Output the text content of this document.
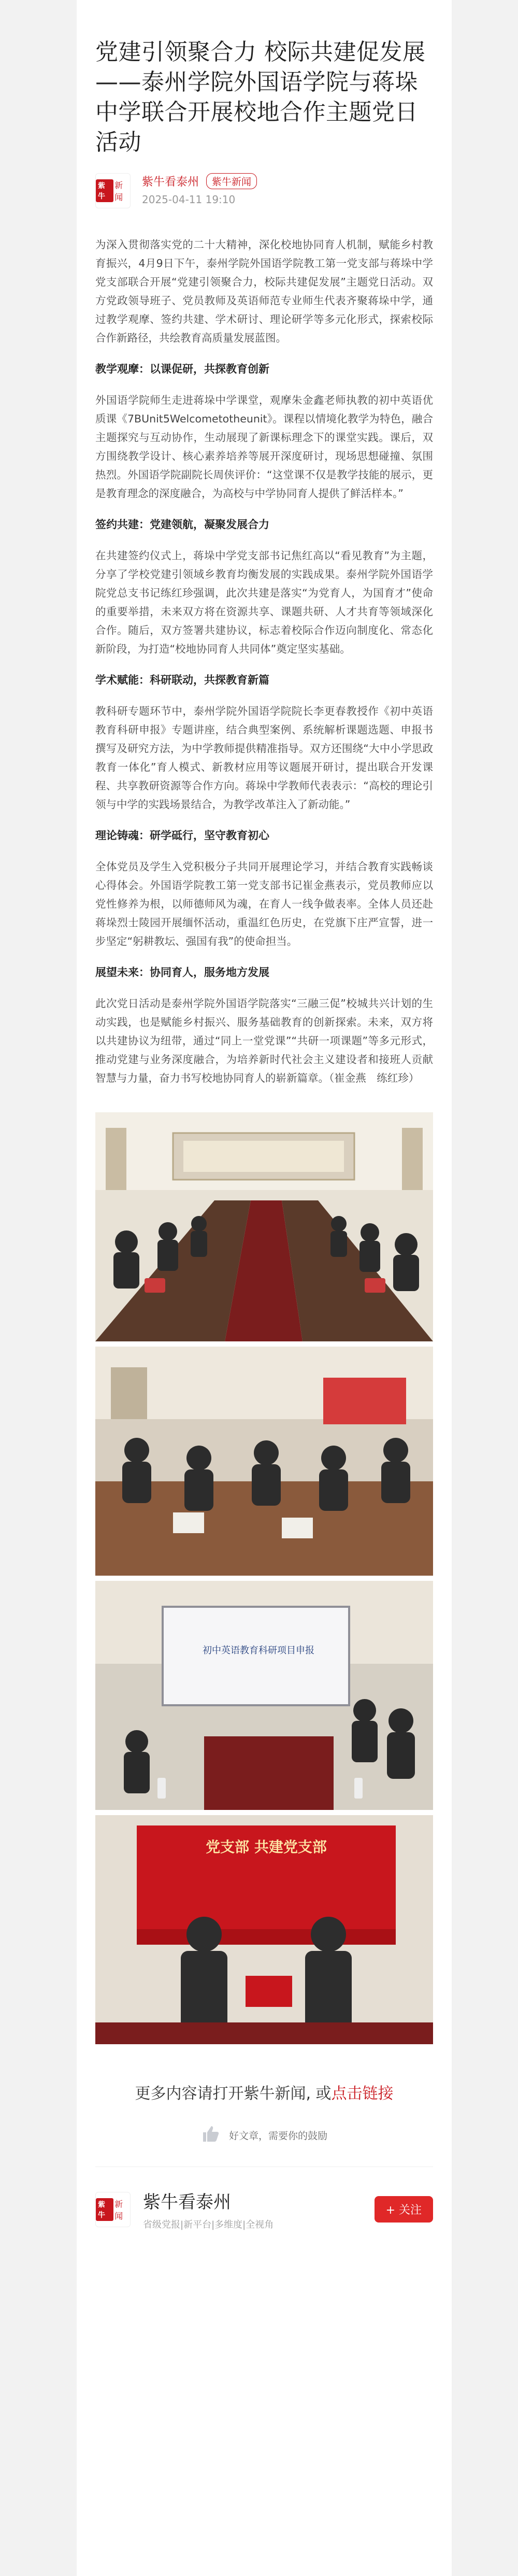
党建引领聚合力 校际共建促发展 ——泰州学院外国语学院与蒋垛中学联合开展校地合作主题党日活动
紫牛
新闻
紫牛看泰州	紫牛新闻
2025-04-11 19:10

为深入贯彻落实党的二十大精神，深化校地协同育人机制，赋能乡村教育振兴，4月9日下午，泰州学院外国语学院教工第一党支部与蒋垛中学党支部联合开展“党建引领聚合力，校际共建促发展”主题党日活动。双方党政领导班子、党员教师及英语师范专业师生代表齐聚蒋垛中学，通过教学观摩、签约共建、学术研讨、理论研学等多元化形式，探索校际合作新路径，共绘教育高质量发展蓝图。

教学观摩：以课促研，共探教育创新

外国语学院师生走进蒋垛中学课堂，观摩朱金鑫老师执教的初中英语优质课《7BUnit5Welcometotheunit》。课程以情境化教学为特色，融合主题探究与互动协作，生动展现了新课标理念下的课堂实践。课后，双方围绕教学设计、核心素养培养等展开深度研讨，现场思想碰撞、氛围热烈。外国语学院副院长周侠评价：“这堂课不仅是教学技能的展示，更是教育理念的深度融合，为高校与中学协同育人提供了鲜活样本。”

签约共建：党建领航，凝聚发展合力

在共建签约仪式上，蒋垛中学党支部书记焦红高以“看见教育”为主题，分享了学校党建引领域乡教育均衡发展的实践成果。泰州学院外国语学院党总支书记练红珍强调，此次共建是落实“为党育人，为国育才”使命的重要举措，未来双方将在资源共享、课题共研、人才共育等领域深化合作。随后，双方签署共建协议，标志着校际合作迈向制度化、常态化新阶段，为打造“校地协同育人共同体”奠定坚实基础。

学术赋能：科研联动，共探教育新篇

教科研专题环节中，泰州学院外国语学院院长李更春教授作《初中英语教育科研申报》专题讲座，结合典型案例、系统解析课题选题、申报书撰写及研究方法，为中学教师提供精准指导。双方还围绕“大中小学思政教育一体化”育人模式、新教材应用等议题展开研讨，提出联合开发课程、共享教研资源等合作方向。蒋垛中学教师代表表示：“高校的理论引领与中学的实践场景结合，为教学改革注入了新动能。”

理论铸魂：研学砥行，坚守教育初心

全体党员及学生入党积极分子共同开展理论学习，并结合教育实践畅谈心得体会。外国语学院教工第一党支部书记崔金燕表示，党员教师应以党性修养为根，以师德师风为魂，在育人一线争做表率。全体人员还赴蒋垛烈士陵园开展缅怀活动，重温红色历史，在党旗下庄严宣誓，进一步坚定“躬耕教坛、强国有我”的使命担当。

展望未来：协同育人，服务地方发展

此次党日活动是泰州学院外国语学院落实“三融三促”校城共兴计划的生动实践，也是赋能乡村振兴、服务基础教育的创新探索。未来，双方将以共建协议为纽带，通过“同上一堂党课”“共研一项课题”等多元形式，推动党建与业务深度融合，为培养新时代社会主义建设者和接班人贡献智慧与力量，奋力书写校地协同育人的崭新篇章。（崔金燕　练红珍）

初中英语教育科研项目申报
党支部 共建党支部
更多内容请打开紫牛新闻, 或点击链接
好文章，需要你的鼓励
紫牛
新闻
紫牛看泰州
省级党报|新平台|多维度|全视角
+ 关注
